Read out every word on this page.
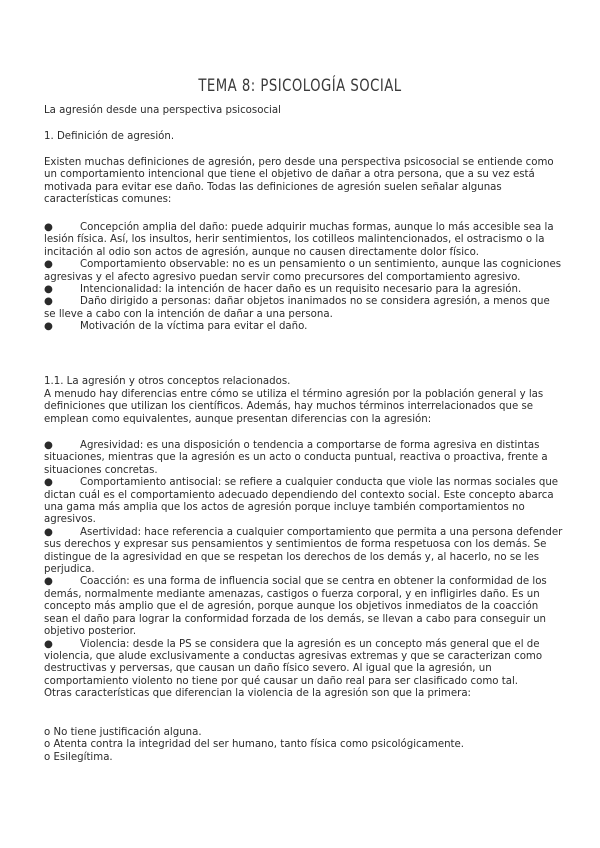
TEMA 8: PSICOLOGÍA SOCIAL
La agresión desde una perspectiva psicosocial
1. Definición de agresión.
Existen muchas definiciones de agresión, pero desde una perspectiva psicosocial se entiende como un comportamiento intencional que tiene el objetivo de dañar a otra persona, que a su vez está motivada para evitar ese daño. Todas las definiciones de agresión suelen señalar algunas características comunes:
●	Concepción amplia del daño: puede adquirir muchas formas, aunque lo más accesible sea la lesión física. Así, los insultos, herir sentimientos, los cotilleos malintencionados, el ostracismo o la incitación al odio son actos de agresión, aunque no causen directamente dolor físico.
●	Comportamiento observable: no es un pensamiento o un sentimiento, aunque las cogniciones agresivas y el afecto agresivo puedan servir como precursores del comportamiento agresivo.
●	Intencionalidad: la intención de hacer daño es un requisito necesario para la agresión.
●	Daño dirigido a personas: dañar objetos inanimados no se considera agresión, a menos que se lleve a cabo con la intención de dañar a una persona.
●	Motivación de la víctima para evitar el daño.
1.1. La agresión y otros conceptos relacionados.
A menudo hay diferencias entre cómo se utiliza el término agresión por la población general y las definiciones que utilizan los científicos. Además, hay muchos términos interrelacionados que se emplean como equivalentes, aunque presentan diferencias con la agresión:
●	Agresividad: es una disposición o tendencia a comportarse de forma agresiva en distintas situaciones, mientras que la agresión es un acto o conducta puntual, reactiva o proactiva, frente a situaciones concretas.
●	Comportamiento antisocial: se refiere a cualquier conducta que viole las normas sociales que dictan cuál es el comportamiento adecuado dependiendo del contexto social. Este concepto abarca una gama más amplia que los actos de agresión porque incluye también comportamientos no agresivos.
●	Asertividad: hace referencia a cualquier comportamiento que permita a una persona defender sus derechos y expresar sus pensamientos y sentimientos de forma respetuosa con los demás. Se distingue de la agresividad en que se respetan los derechos de los demás y, al hacerlo, no se les perjudica.
●	Coacción: es una forma de influencia social que se centra en obtener la conformidad de los demás, normalmente mediante amenazas, castigos o fuerza corporal, y en infligirles daño. Es un concepto más amplio que el de agresión, porque aunque los objetivos inmediatos de la coacción sean el daño para lograr la conformidad forzada de los demás, se llevan a cabo para conseguir un objetivo posterior.
●	Violencia: desde la PS se considera que la agresión es un concepto más general que el de violencia, que alude exclusivamente a conductas agresivas extremas y que se caracterizan como destructivas y perversas, que causan un daño físico severo. Al igual que la agresión, un comportamiento violento no tiene por qué causar un daño real para ser clasificado como tal.
Otras características que diferencian la violencia de la agresión son que la primera:
o No tiene justificación alguna.
o Atenta contra la integridad del ser humano, tanto física como psicológicamente.
o Esilegítima.
